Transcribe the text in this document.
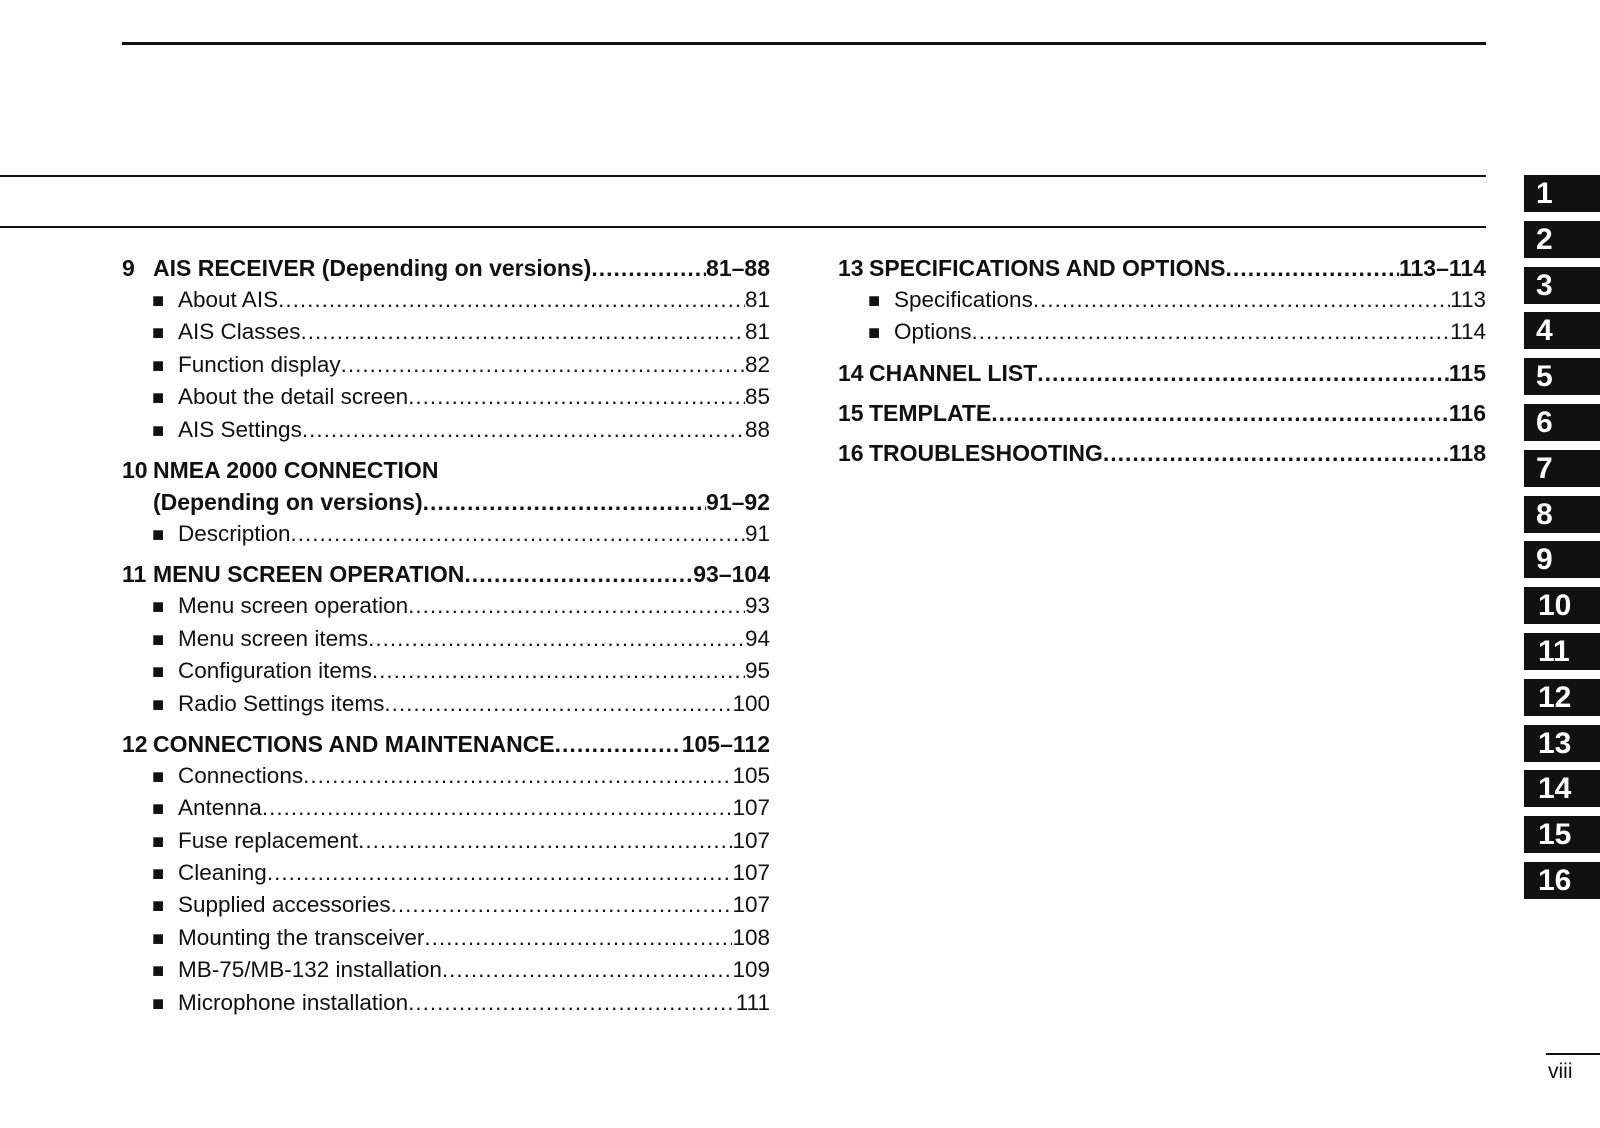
9 AIS RECEIVER (Depending on versions) .....	81–88
■ About AIS .....	81
■ AIS Classes .....	81
■ Function display .....	82
■ About the detail screen .....	85
■ AIS Settings .....	88
10 NMEA 2000 CONNECTION
(Depending on versions) .....	91–92
■ Description .....	91
11 MENU SCREEN OPERATION .....	93–104
■ Menu screen operation .....	93
■ Menu screen items .....	94
■ Configuration items .....	95
■ Radio Settings items .....	100
12 CONNECTIONS AND MAINTENANCE .....	105–112
■ Connections .....	105
■ Antenna .....	107
■ Fuse replacement .....	107
■ Cleaning .....	107
■ Supplied accessories .....	107
■ Mounting the transceiver .....	108
■ MB-75/MB-132 installation .....	109
■ Microphone installation .....	111
13 SPECIFICATIONS AND OPTIONS .....	113–114
■ Specifications .....	113
■ Options .....	114
14 CHANNEL LIST .....	115
15 TEMPLATE .....	116
16 TROUBLESHOOTING .....	118
1
2
3
4
5
6
7
8
9
10
11
12
13
14
15
16
viii
